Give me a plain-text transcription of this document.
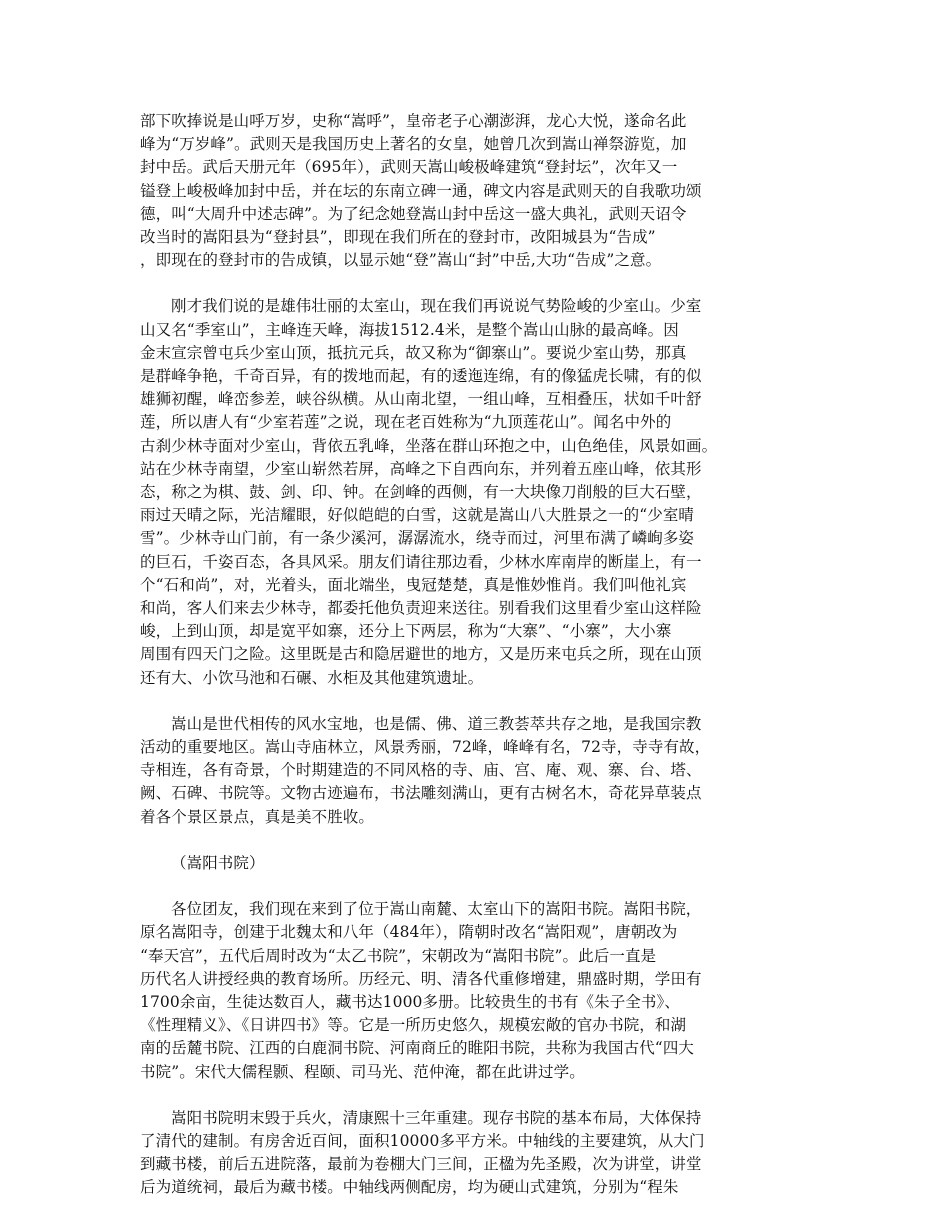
部下吹捧说是山呼万岁，史称“嵩呼”，皇帝老子心潮澎湃，龙心大悦，遂命名此
峰为“万岁峰”。武则天是我国历史上著名的女皇，她曾几次到嵩山禅祭游览，加
封中岳。武后天册元年（695年），武则天嵩山峻极峰建筑“登封坛”，次年又一
镒登上峻极峰加封中岳，并在坛的东南立碑一通，碑文内容是武则天的自我歌功颂
德，叫“大周升中述志碑”。为了纪念她登嵩山封中岳这一盛大典礼，武则天诏令
改当时的嵩阳县为“登封县”，即现在我们所在的登封市，改阳城县为“告成”
，即现在的登封市的告成镇，以显示她“登”嵩山“封”中岳,大功“告成”之意。

刚才我们说的是雄伟壮丽的太室山，现在我们再说说气势险峻的少室山。少室
山又名“季室山”，主峰连天峰，海拔1512.4米，是整个嵩山山脉的最高峰。因
金末宣宗曾屯兵少室山顶，抵抗元兵，故又称为“御寨山”。要说少室山势，那真
是群峰争艳，千奇百异，有的拨地而起，有的逶迤连绵，有的像猛虎长啸，有的似
雄狮初醒，峰峦参差，峡谷纵横。从山南北望，一组山峰，互相叠压，状如千叶舒
莲，所以唐人有“少室若莲”之说，现在老百姓称为“九顶莲花山”。闻名中外的
古刹少林寺面对少室山，背依五乳峰，坐落在群山环抱之中，山色绝佳，风景如画。
站在少林寺南望，少室山崭然若屏，高峰之下自西向东，并列着五座山峰，依其形
态，称之为棋、鼓、剑、印、钟。在剑峰的西侧，有一大块像刀削般的巨大石壁，
雨过天晴之际，光洁耀眼，好似皑皑的白雪，这就是嵩山八大胜景之一的“少室晴
雪”。少林寺山门前，有一条少溪河，潺潺流水，绕寺而过，河里布满了嶙峋多姿
的巨石，千姿百态，各具风采。朋友们请往那边看，少林水库南岸的断崖上，有一
个“石和尚”，对，光着头，面北端坐，曳冠楚楚，真是惟妙惟肖。我们叫他礼宾
和尚，客人们来去少林寺，都委托他负责迎来送往。别看我们这里看少室山这样险
峻，上到山顶，却是宽平如寨，还分上下两层，称为“大寨”、“小寨”，大小寨
周围有四天门之险。这里既是古和隐居避世的地方，又是历来屯兵之所，现在山顶
还有大、小饮马池和石碾、水柜及其他建筑遗址。

嵩山是世代相传的风水宝地，也是儒、佛、道三教荟萃共存之地，是我国宗教
活动的重要地区。嵩山寺庙林立，风景秀丽，72峰，峰峰有名，72寺，寺寺有故，
寺相连，各有奇景，个时期建造的不同风格的寺、庙、宫、庵、观、寨、台、塔、
阙、石碑、书院等。文物古迹遍布，书法雕刻满山，更有古树名木，奇花异草装点
着各个景区景点，真是美不胜收。

（嵩阳书院）

各位团友，我们现在来到了位于嵩山南麓、太室山下的嵩阳书院。嵩阳书院，
原名嵩阳寺，创建于北魏太和八年（484年），隋朝时改名“嵩阳观”，唐朝改为
“奉天宫”，五代后周时改为“太乙书院”，宋朝改为“嵩阳书院”。此后一直是
历代名人讲授经典的教育场所。历经元、明、清各代重修增建，鼎盛时期，学田有
1700余亩，生徒达数百人，藏书达1000多册。比较贵生的书有《朱子全书》、
《性理精义》、《日讲四书》等。它是一所历史悠久，规模宏敞的官办书院，和湖
南的岳麓书院、江西的白鹿洞书院、河南商丘的睢阳书院，共称为我国古代“四大
书院”。宋代大儒程颢、程颐、司马光、范仲淹，都在此讲过学。

嵩阳书院明末毁于兵火，清康熙十三年重建。现存书院的基本布局，大体保持
了清代的建制。有房舍近百间，面积10000多平方米。中轴线的主要建筑，从大门
到藏书楼，前后五进院落，最前为卷棚大门三间，正楹为先圣殿，次为讲堂，讲堂
后为道统祠，最后为藏书楼。中轴线两侧配房，均为硬山式建筑，分别为“程朱
